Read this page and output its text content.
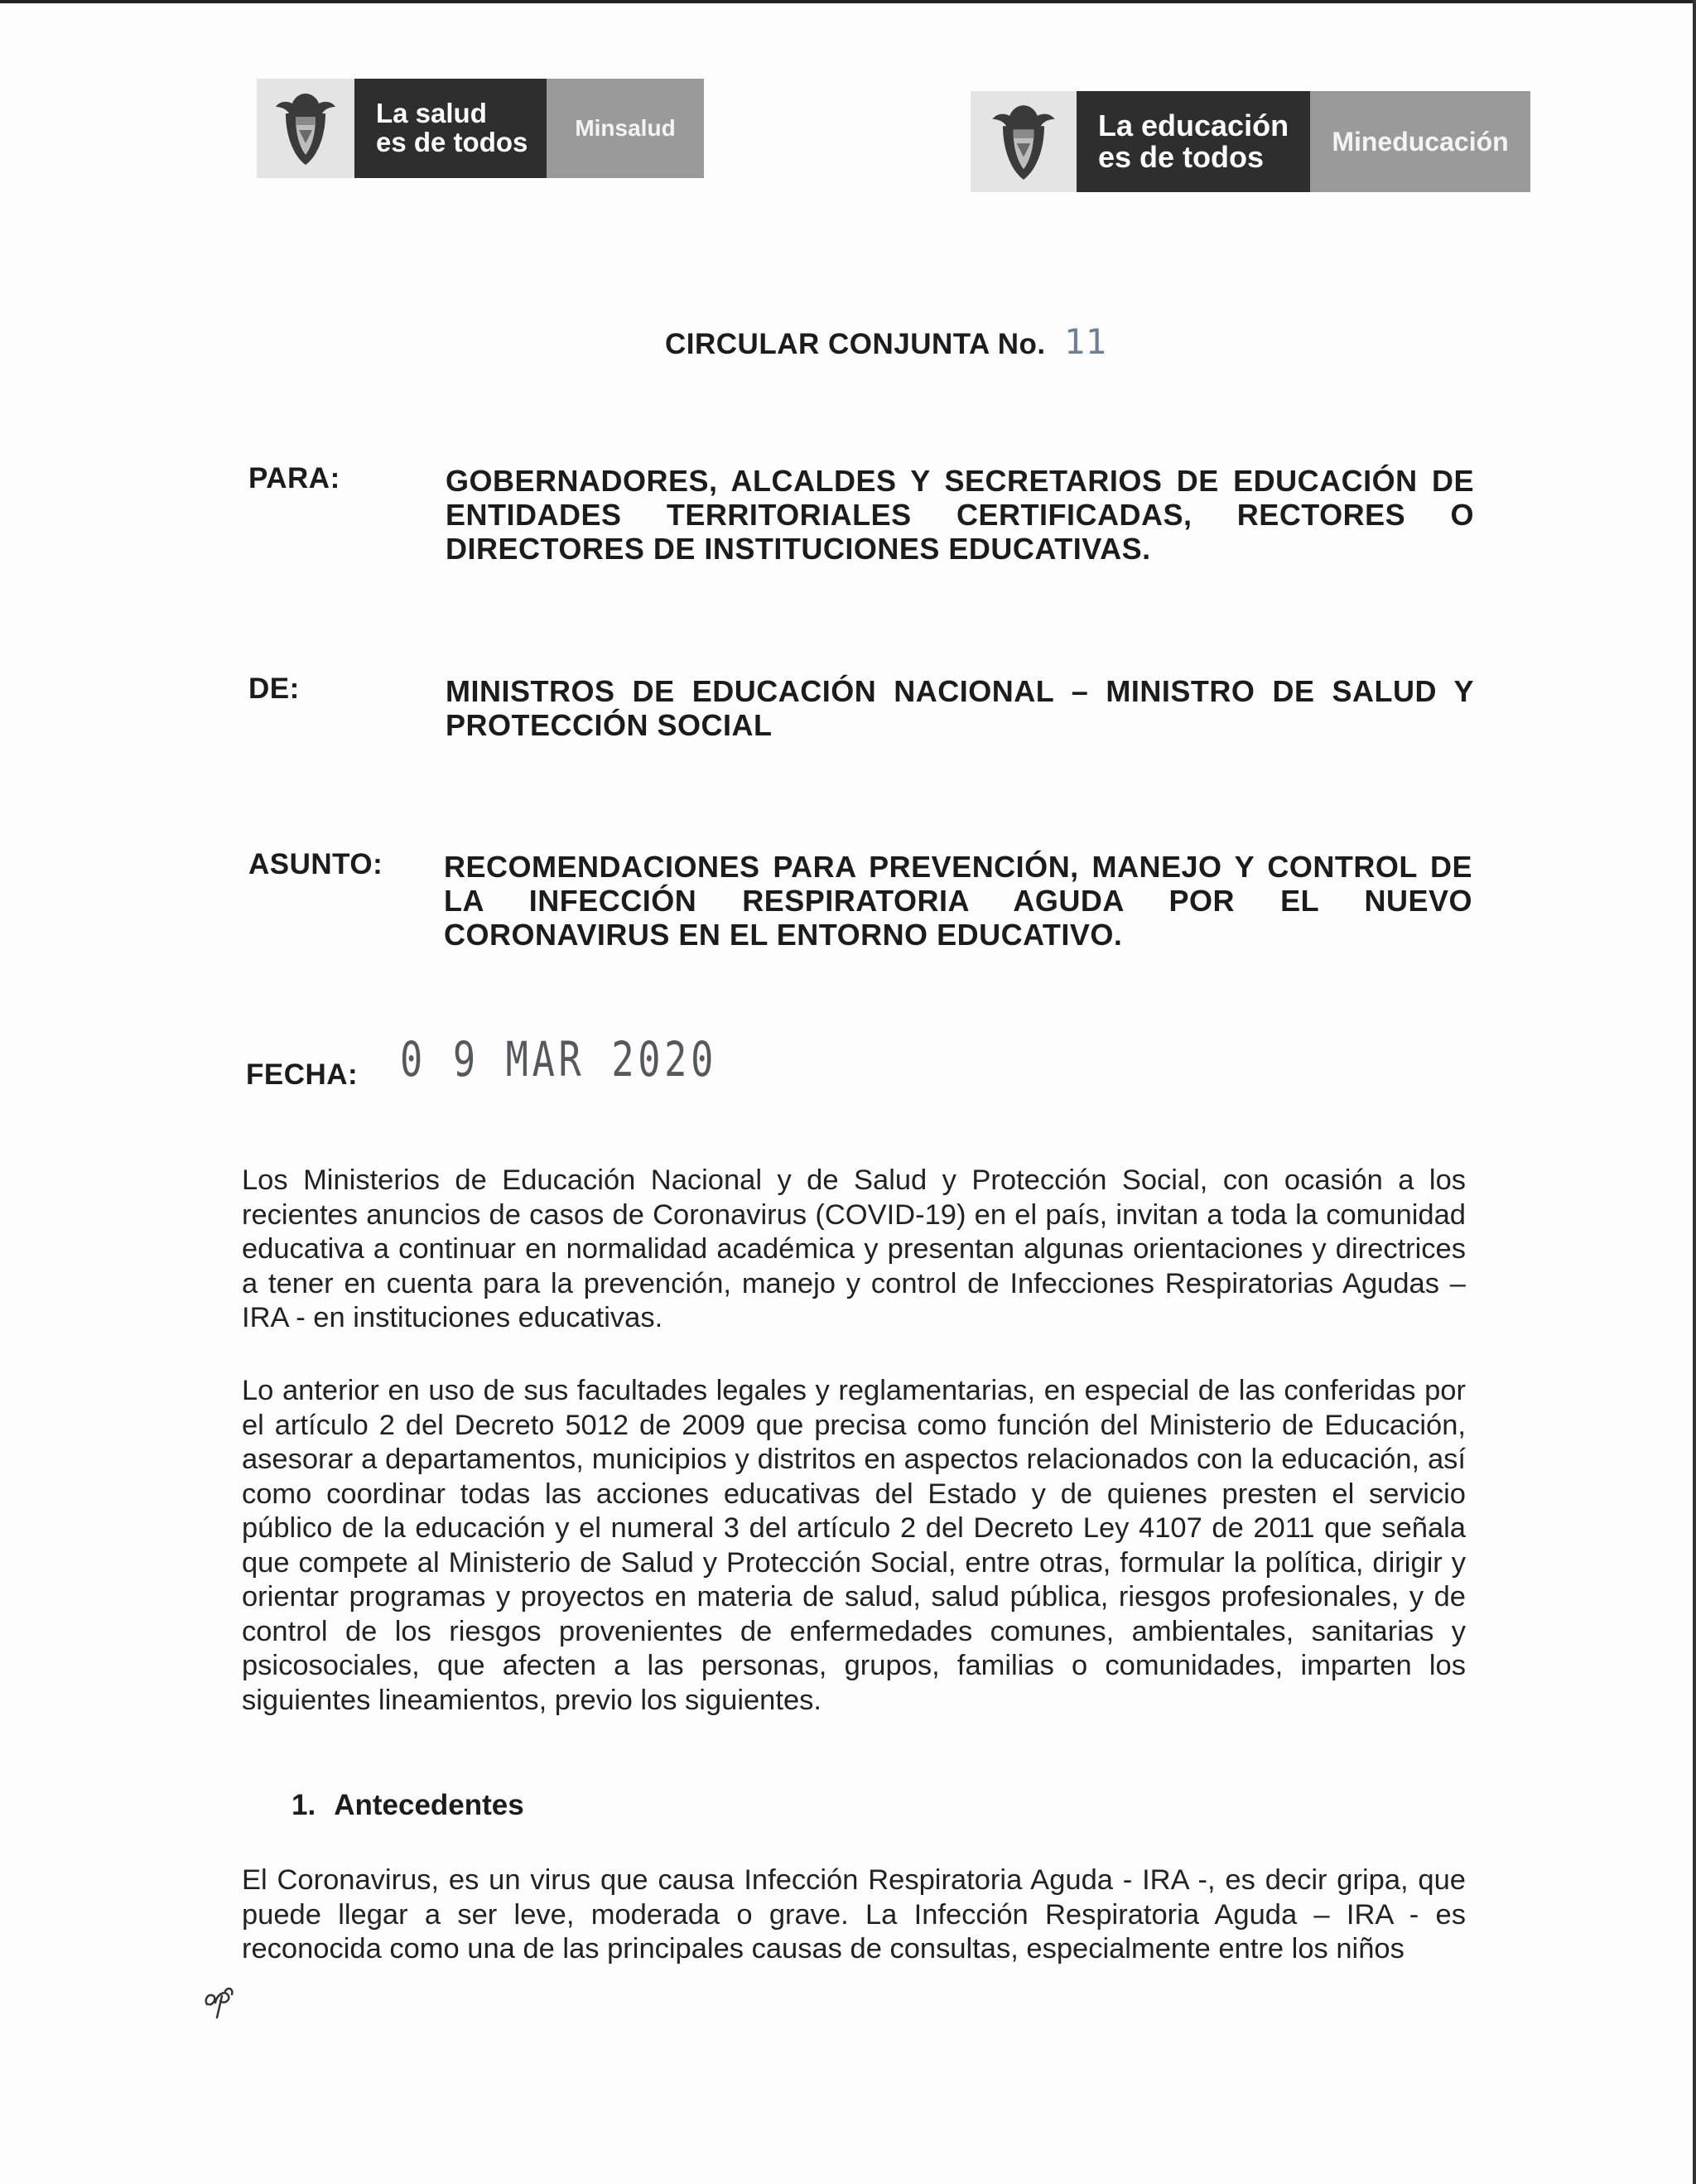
La salud
es de todos	Minsalud	La educación
es de todos	Mineducación
CIRCULAR CONJUNTA No. 11
PARA:	GOBERNADORES, ALCALDES Y SECRETARIOS DE EDUCACIÓN DE ENTIDADES TERRITORIALES CERTIFICADAS, RECTORES O DIRECTORES DE INSTITUCIONES EDUCATIVAS.
DE:	MINISTROS DE EDUCACIÓN NACIONAL – MINISTRO DE SALUD Y PROTECCIÓN SOCIAL
ASUNTO: RECOMENDACIONES PARA PREVENCIÓN, MANEJO Y CONTROL DE LA INFECCIÓN RESPIRATORIA AGUDA POR EL NUEVO CORONAVIRUS EN EL ENTORNO EDUCATIVO.
FECHA: 0 9 MAR 2020
Los Ministerios de Educación Nacional y de Salud y Protección Social, con ocasión a los recientes anuncios de casos de Coronavirus (COVID-19) en el país, invitan a toda la comunidad educativa a continuar en normalidad académica y presentan algunas orientaciones y directrices a tener en cuenta para la prevención, manejo y control de Infecciones Respiratorias Agudas – IRA - en instituciones educativas.
Lo anterior en uso de sus facultades legales y reglamentarias, en especial de las conferidas por el artículo 2 del Decreto 5012 de 2009 que precisa como función del Ministerio de Educación, asesorar a departamentos, municipios y distritos en aspectos relacionados con la educación, así como coordinar todas las acciones educativas del Estado y de quienes presten el servicio público de la educación y el numeral 3 del artículo 2 del Decreto Ley 4107 de 2011 que señala que compete al Ministerio de Salud y Protección Social, entre otras, formular la política, dirigir y orientar programas y proyectos en materia de salud, salud pública, riesgos profesionales, y de control de los riesgos provenientes de enfermedades comunes, ambientales, sanitarias y psicosociales, que afecten a las personas, grupos, familias o comunidades, imparten los siguientes lineamientos, previo los siguientes.
1. Antecedentes
El Coronavirus, es un virus que causa Infección Respiratoria Aguda - IRA -, es decir gripa, que puede llegar a ser leve, moderada o grave. La Infección Respiratoria Aguda – IRA - es reconocida como una de las principales causas de consultas, especialmente entre los niños
